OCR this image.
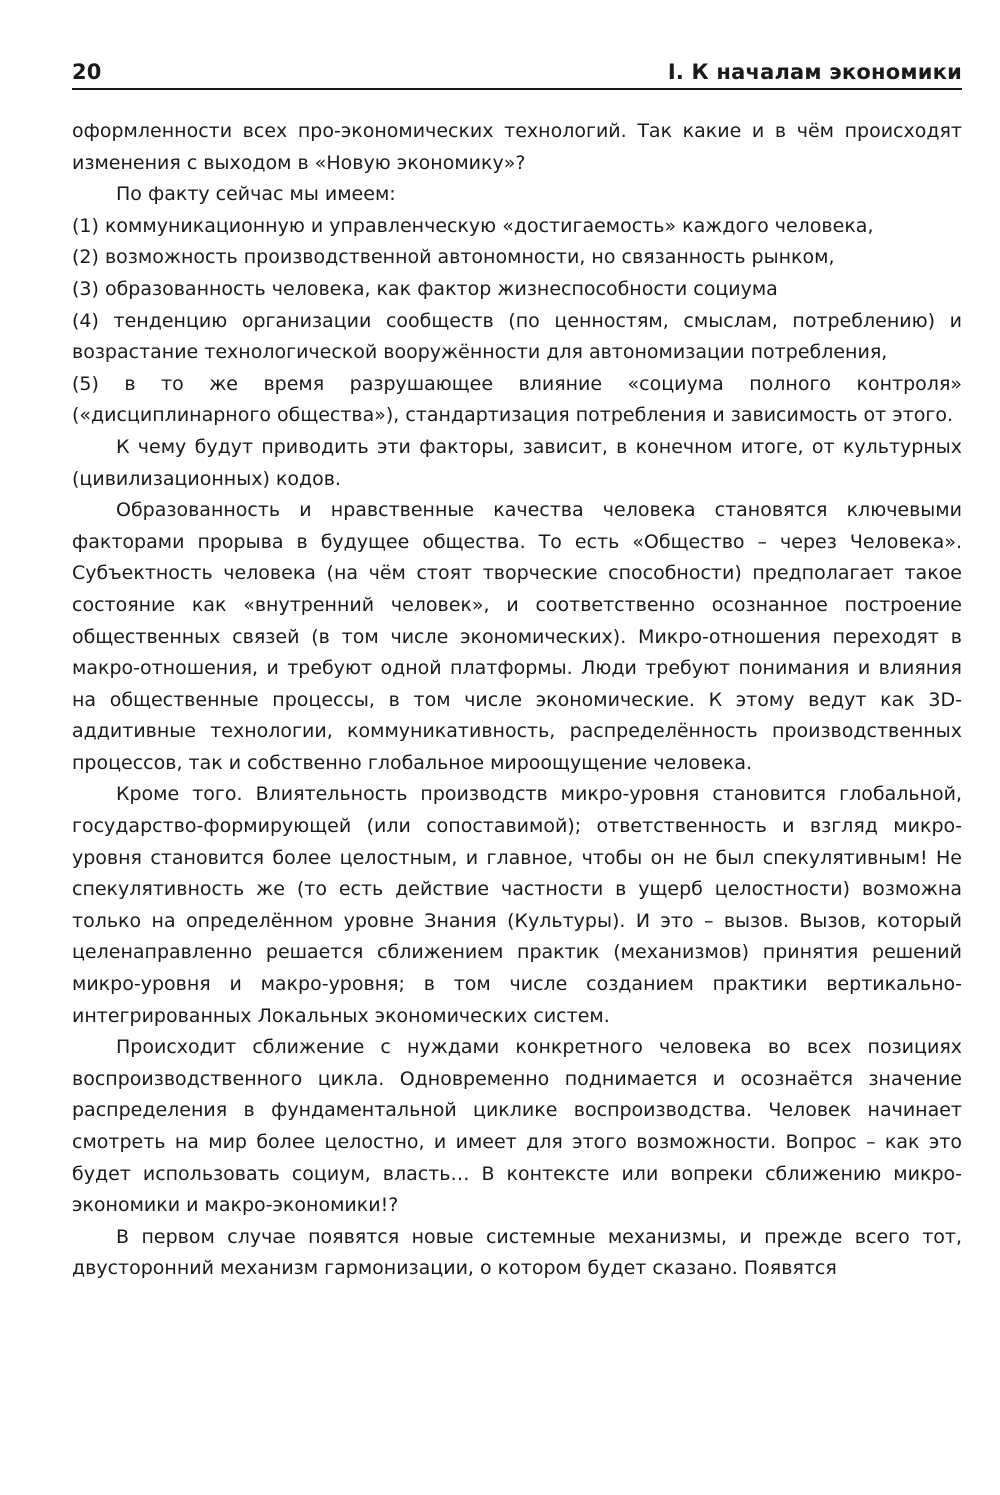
20	I. К началам экономики

оформленности всех про-экономических технологий. Так какие и в чём происходят изменения с выходом в «Новую экономику»?

По факту сейчас мы имеем:

(1) коммуникационную и управленческую «достигаемость» каждого человека,

(2) возможность производственной автономности, но связанность рынком,

(3) образованность человека, как фактор жизнеспособности социума

(4) тенденцию организации сообществ (по ценностям, смыслам, потреблению) и возрастание технологической вооружённости для автономизации потребления,

(5) в то же время разрушающее влияние «социума полного контроля» («дисциплинарного общества»), стандартизация потребления и зависимость от этого.

К чему будут приводить эти факторы, зависит, в конечном итоге, от культурных (цивилизационных) кодов.

Образованность и нравственные качества человека становятся ключевыми факторами прорыва в будущее общества. То есть «Общество – через Человека». Субъектность человека (на чём стоят творческие способности) предполагает такое состояние как «внутренний человек», и соответственно осознанное построение общественных связей (в том числе экономических). Микро-отношения переходят в макро-отношения, и требуют одной платформы. Люди требуют понимания и влияния на общественные процессы, в том числе экономические. К этому ведут как 3D-аддитивные технологии, коммуникативность, распределённость производственных процессов, так и собственно глобальное мироощущение человека.

Кроме того. Влиятельность производств микро-уровня становится глобальной, государство-формирующей (или сопоставимой); ответственность и взгляд микро-уровня становится более целостным, и главное, чтобы он не был спекулятивным! Не спекулятивность же (то есть действие частности в ущерб целостности) возможна только на определённом уровне Знания (Культуры). И это – вызов. Вызов, который целенаправленно решается сближением практик (механизмов) принятия решений микро-уровня и макро-уровня; в том числе созданием практики вертикально-интегрированных Локальных экономических систем.

Происходит сближение с нуждами конкретного человека во всех позициях воспроизводственного цикла. Одновременно поднимается и осознаётся значение распределения в фундаментальной циклике воспроизводства. Человек начинает смотреть на мир более целостно, и имеет для этого возможности. Вопрос – как это будет использовать социум, власть… В контексте или вопреки сближению микро-экономики и макро-экономики!?

В первом случае появятся новые системные механизмы, и прежде всего тот, двусторонний механизм гармонизации, о котором будет сказано. Появятся
